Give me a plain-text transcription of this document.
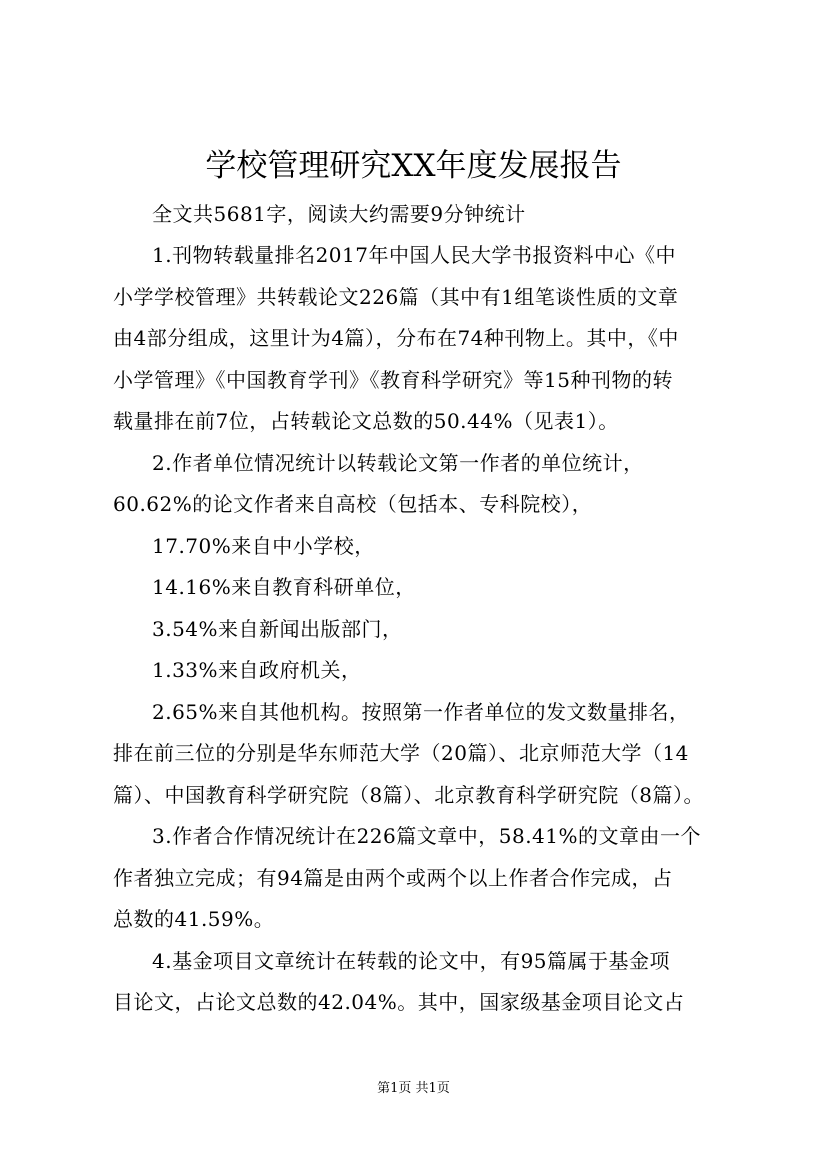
学校管理研究XX年度发展报告

全文共5681字，阅读大约需要9分钟统计

1.刊物转载量排名2017年中国人民大学书报资料中心《中

小学学校管理》共转载论文226篇（其中有1组笔谈性质的文章

由4部分组成，这里计为4篇），分布在74种刊物上。其中，《中

小学管理》《中国教育学刊》《教育科学研究》等15种刊物的转

载量排在前7位，占转载论文总数的50.44%（见表1）。

2.作者单位情况统计以转载论文第一作者的单位统计，

60.62%的论文作者来自高校（包括本、专科院校），

17.70%来自中小学校，

14.16%来自教育科研单位，

3.54%来自新闻出版部门，

1.33%来自政府机关，

2.65%来自其他机构。按照第一作者单位的发文数量排名，

排在前三位的分别是华东师范大学（20篇）、北京师范大学（14

篇）、中国教育科学研究院（8篇）、北京教育科学研究院（8篇）。

3.作者合作情况统计在226篇文章中，58.41%的文章由一个

作者独立完成；有94篇是由两个或两个以上作者合作完成，占

总数的41.59%。

4.基金项目文章统计在转载的论文中，有95篇属于基金项

目论文，占论文总数的42.04%。其中，国家级基金项目论文占

第1页 共1页
